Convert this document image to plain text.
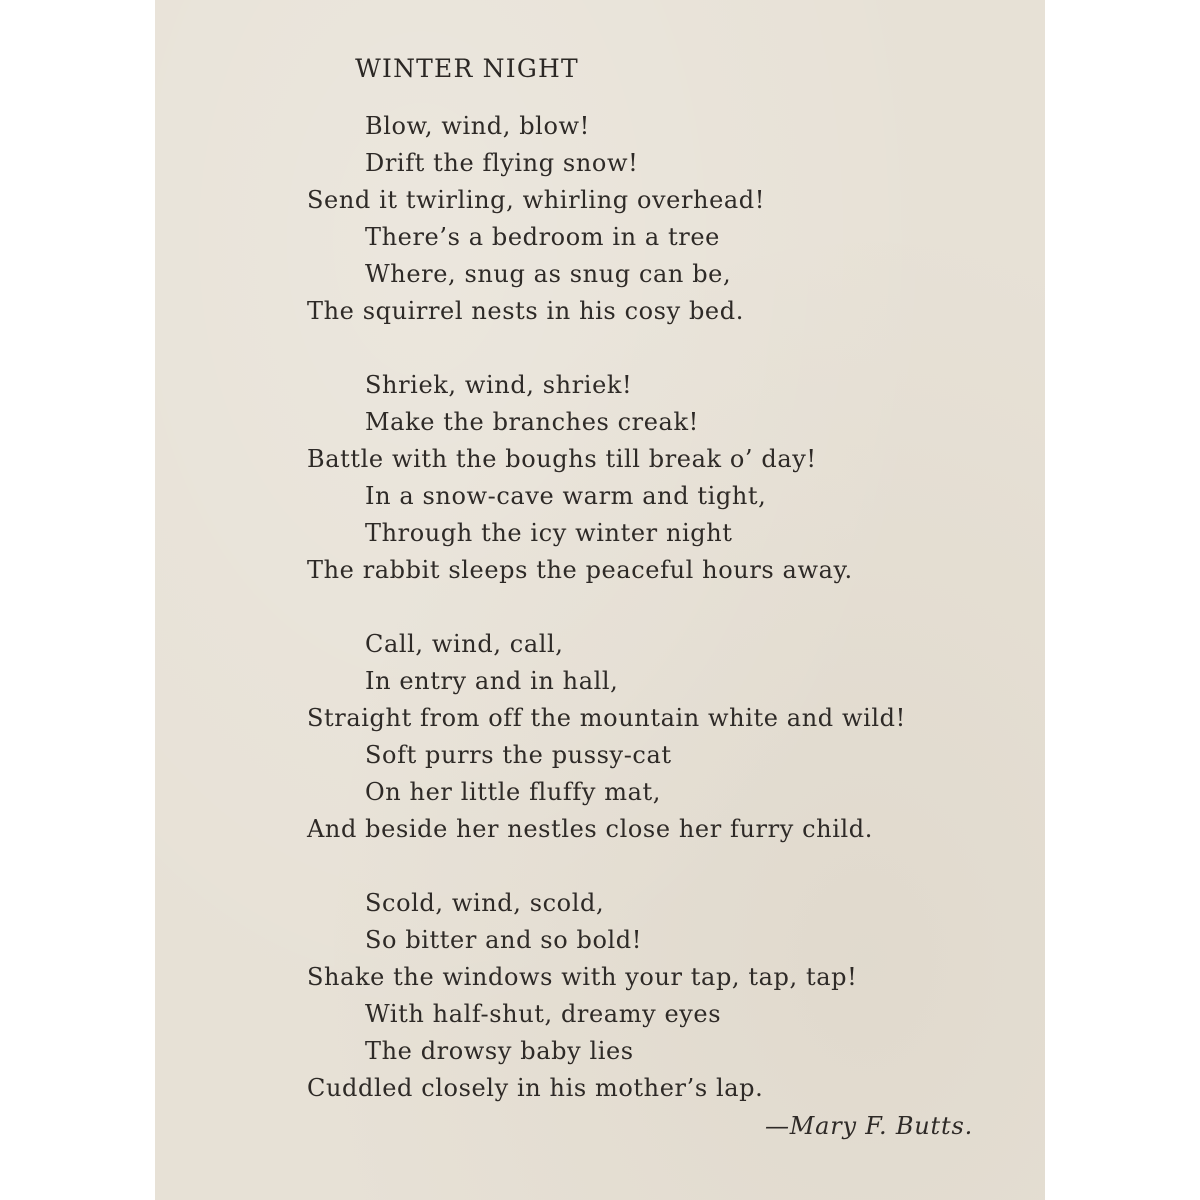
WINTER NIGHT
Blow, wind, blow!
Drift the flying snow!
Send it twirling, whirling overhead!
There’s a bedroom in a tree
Where, snug as snug can be,
The squirrel nests in his cosy bed.
Shriek, wind, shriek!
Make the branches creak!
Battle with the boughs till break o’ day!
In a snow-cave warm and tight,
Through the icy winter night
The rabbit sleeps the peaceful hours away.
Call, wind, call,
In entry and in hall,
Straight from off the mountain white and wild!
Soft purrs the pussy-cat
On her little fluffy mat,
And beside her nestles close her furry child.
Scold, wind, scold,
So bitter and so bold!
Shake the windows with your tap, tap, tap!
With half-shut, dreamy eyes
The drowsy baby lies
Cuddled closely in his mother’s lap.
—Mary F. Butts.
